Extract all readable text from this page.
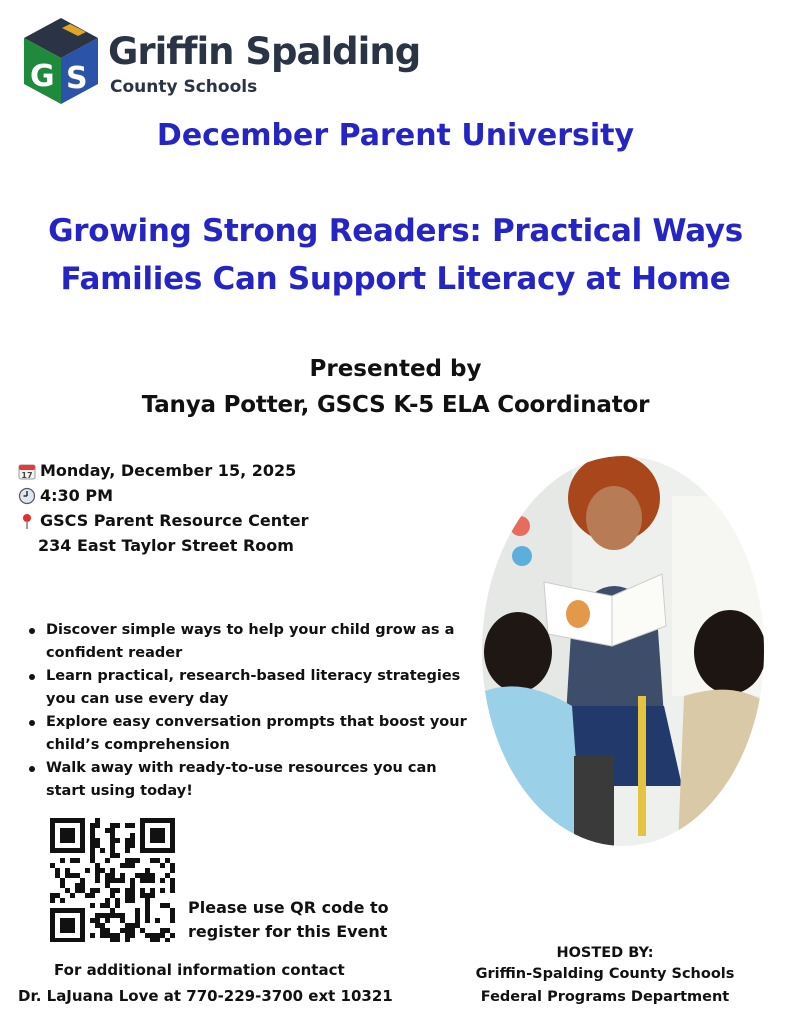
G S
Griffin Spalding
County Schools
December Parent University
Growing Strong Readers: Practical Ways
Families Can Support Literacy at Home
Presented by
Tanya Potter, GSCS K-5 ELA Coordinator
17 Monday, December 15, 2025
4:30 PM
GSCS Parent Resource Center
234 East Taylor Street Room
Discover simple ways to help your child grow as a
confident reader
Learn practical, research-based literacy strategies
you can use every day
Explore easy conversation prompts that boost your
child’s comprehension
Walk away with ready-to-use resources you can
start using today!
Please use QR code to
register for this Event
For additional information contact
Dr. LaJuana Love at 770-229-3700 ext 10321
HOSTED BY:
Griffin-Spalding County Schools
Federal Programs Department
